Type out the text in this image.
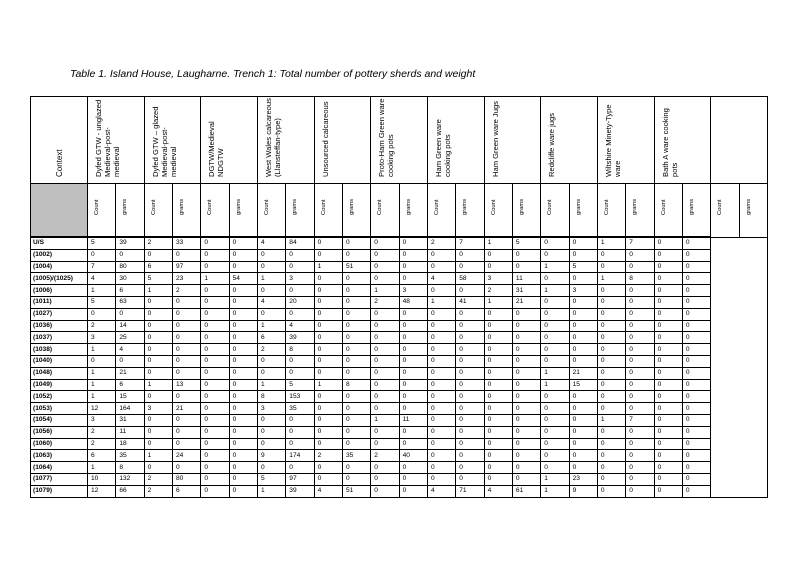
Table 1. Island House, Laugharne. Trench 1: Total number of pottery sherds and weight
Context	Dyfed GTW - unglazed Medieval-post-medieval		Dyfed GTW – glazed Medieval-post-medieval		DGTW/Medieval NDGTW		West Wales calcareous (Llansteffan-type)		Unsourced calcareous		Proto-Ham Green ware cooking pots		Ham Green ware cooking pots		Ham Green ware Jugs		Redcliffe ware jugs		Wiltshire Minety-Type ware		Bath A ware cooking pots			

	Count	grams	Count	grams	Count	grams	Count	grams	Count	grams	Count	grams	Count	grams	Count	grams	Count	grams	Count	grams	Count	grams	Count	grams

U/S	5	39	2	33	0	0	4	84	0	0	0	0	2	7	1	5	0	0	1	7	0	0		
(1002)	0	0	0	0	0	0	0	0	0	0	0	0	0	0	0	0	0	0	0	0	0	0		
(1004)	7	80	6	97	0	0	0	0	1	51	0	0	0	0	0	0	1	5	0	0	0	0		
(1005)/(1025)	4	30	5	23	1	54	1	3	0	0	0	0	4	58	3	11	0	0	1	8	0	0		
(1006)	1	6	1	2	0	0	0	0	0	0	1	3	0	0	2	31	1	3	0	0	0	0		
(1011)	5	63	0	0	0	0	4	20	0	0	2	48	1	41	1	21	0	0	0	0	0	0		
(1027)	0	0	0	0	0	0	0	0	0	0	0	0	0	0	0	0	0	0	0	0	0	0		
(1036)	2	14	0	0	0	0	1	4	0	0	0	0	0	0	0	0	0	0	0	0	0	0		
(1037)	3	25	0	0	0	0	6	39	0	0	0	0	0	0	0	0	0	0	0	0	0	0		
(1038)	1	4	0	0	0	0	2	8	0	0	0	0	0	0	0	0	0	0	0	0	0	0		
(1040)	0	0	0	0	0	0	0	0	0	0	0	0	0	0	0	0	0	0	0	0	0	0		
(1048)	1	21	0	0	0	0	0	0	0	0	0	0	0	0	0	0	1	21	0	0	0	0		
(1049)	1	6	1	13	0	0	1	5	1	8	0	0	0	0	0	0	1	15	0	0	0	0		
(1052)	1	15	0	0	0	0	8	153	0	0	0	0	0	0	0	0	0	0	0	0	0	0		
(1053)	12	164	3	21	0	0	3	35	0	0	0	0	0	0	0	0	0	0	0	0	0	0		
(1054)	3	31	0	0	0	0	0	0	0	0	1	11	0	0	0	0	0	0	1	7	0	0		
(1056)	2	11	0	0	0	0	0	0	0	0	0	0	0	0	0	0	0	0	0	0	0	0		
(1060)	2	18	0	0	0	0	0	0	0	0	0	0	0	0	0	0	0	0	0	0	0	0		
(1063)	6	35	1	24	0	0	9	174	2	35	2	40	0	0	0	0	0	0	0	0	0	0		
(1064)	1	8	0	0	0	0	0	0	0	0	0	0	0	0	0	0	0	0	0	0	0	0		
(1077)	10	132	2	80	0	0	5	97	0	0	0	0	0	0	0	0	1	23	0	0	0	0		
(1079)	12	66	2	6	0	0	1	39	4	51	0	0	4	71	4	61	1	9	0	0	0	0		
